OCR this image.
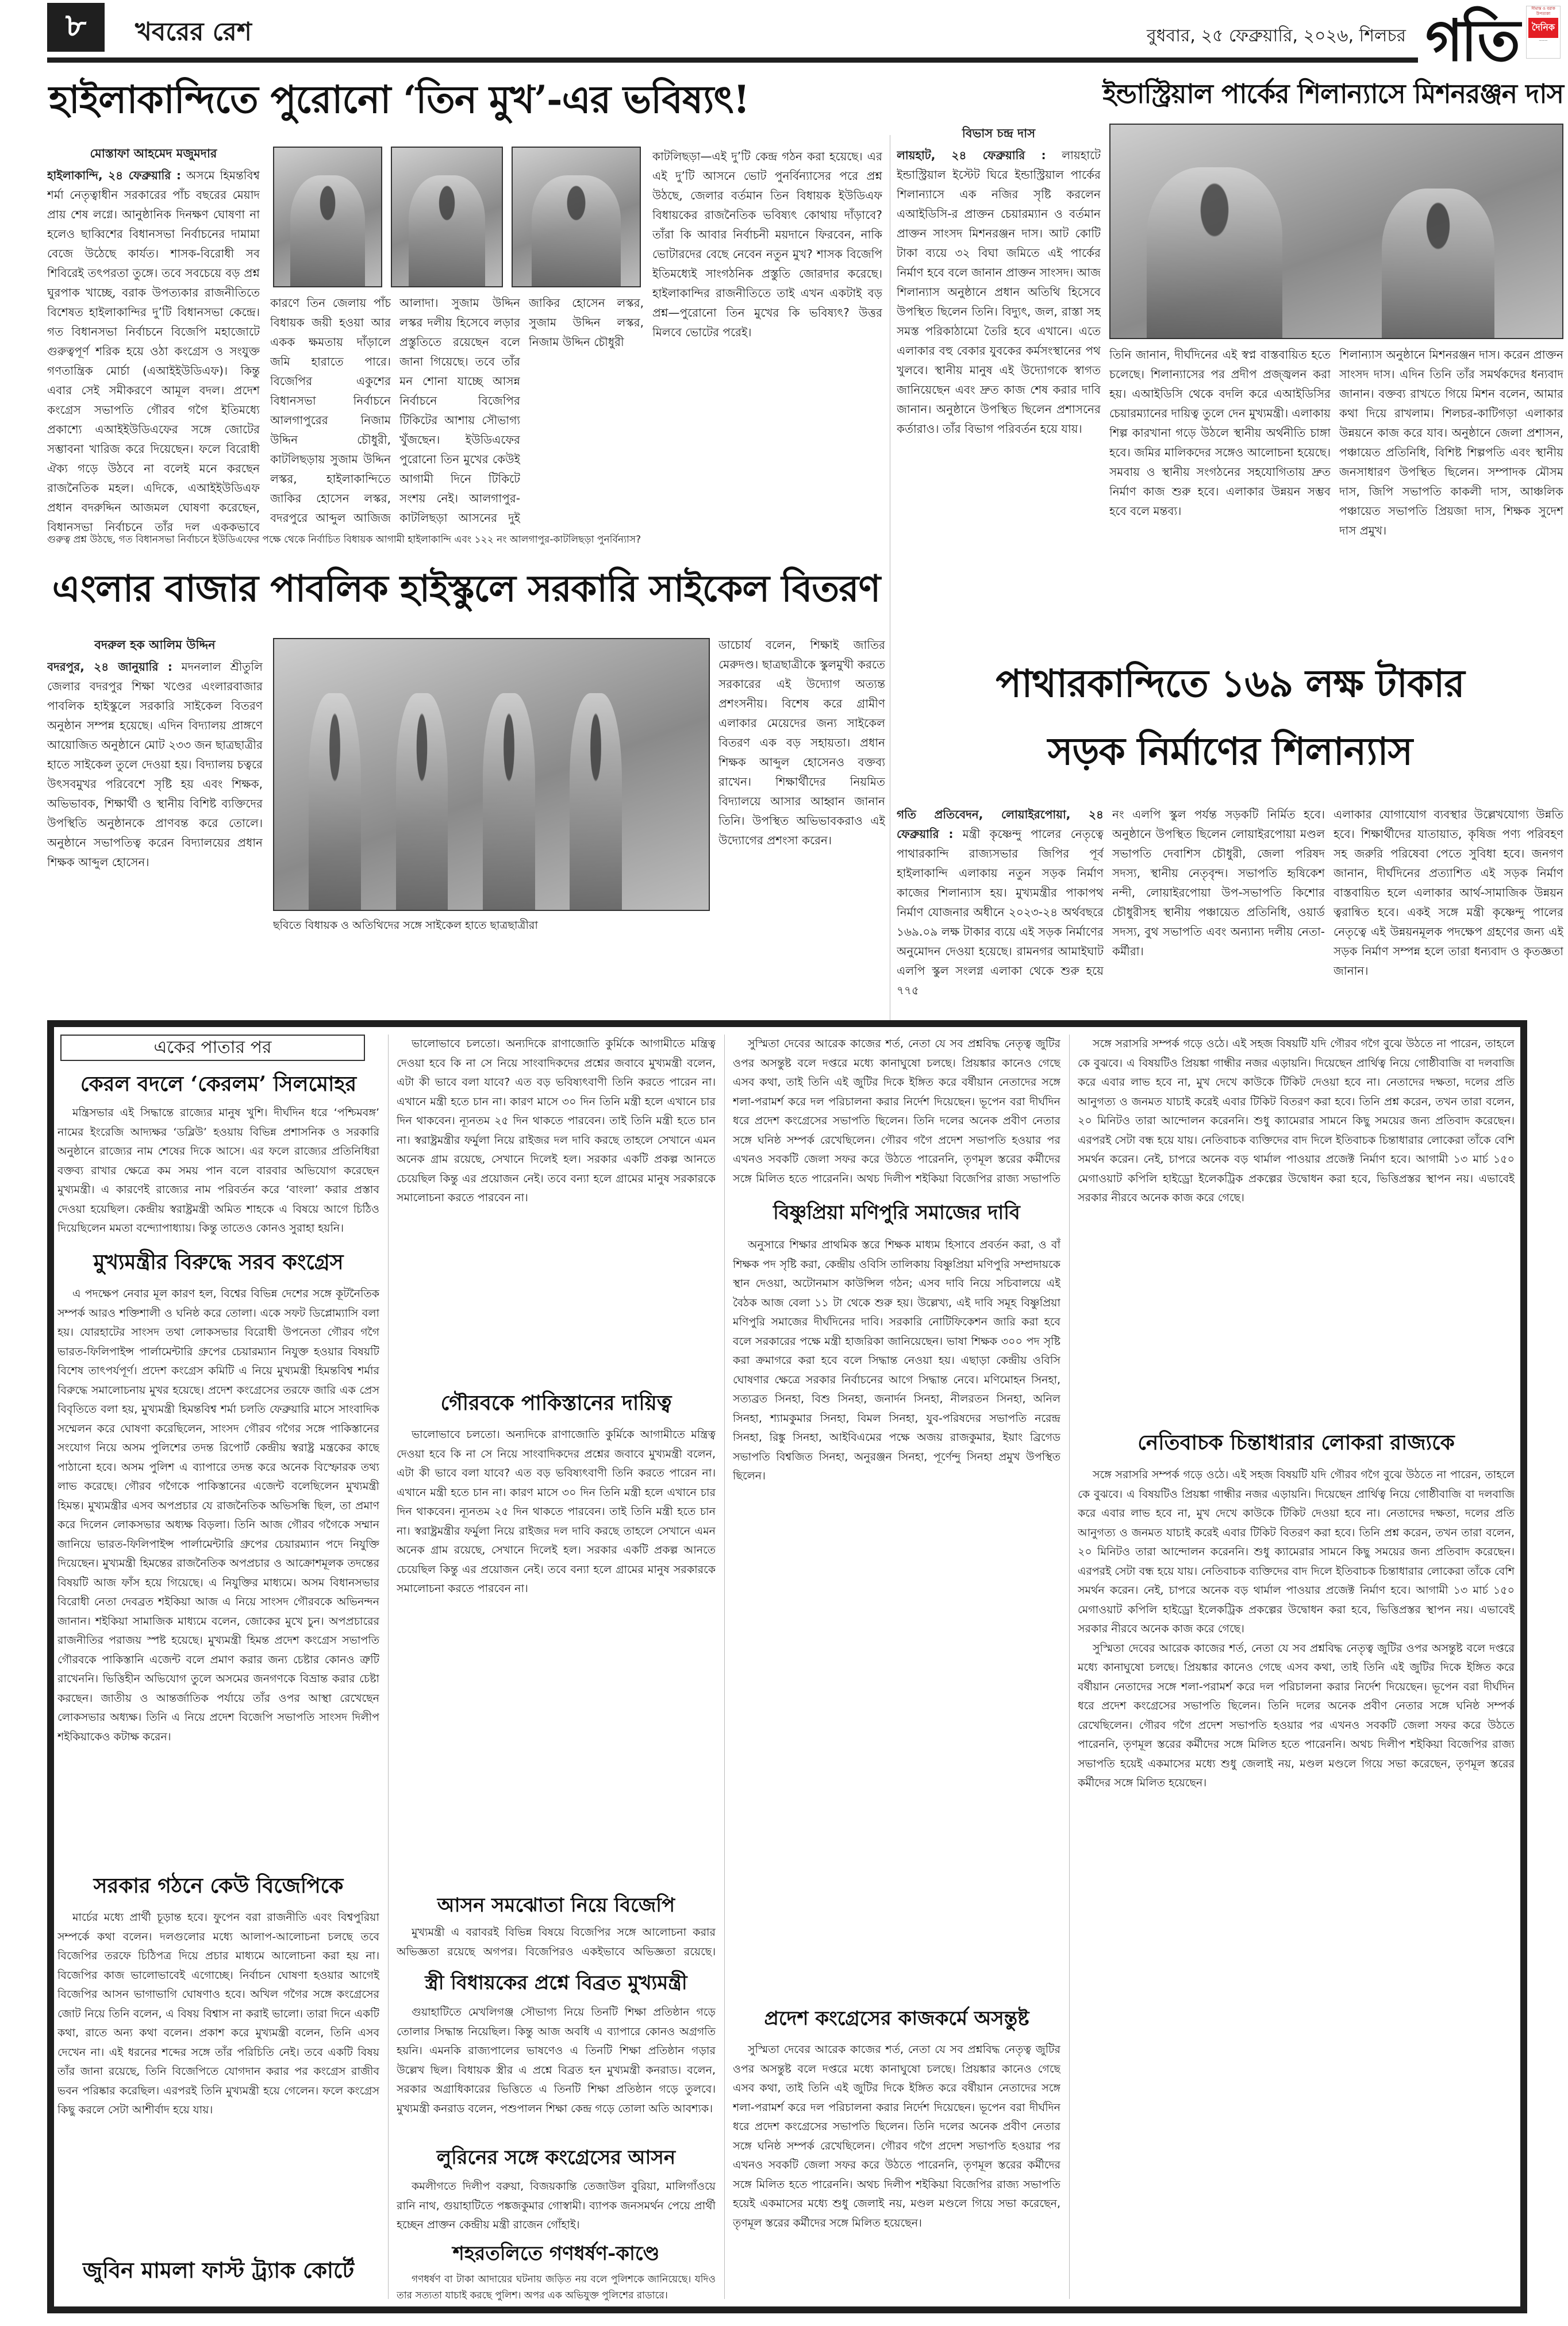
৮	খবরের রেশ	বুধবার, ২৫ ফেব্রুয়ারি, ২০২৬, শিলচর গতি	সীমান্ত ও বরাক উপত্যকা
দৈনিক
———
হাইলাকান্দিতে পুরোনো ‘তিন মুখ’-এর ভবিষ্যৎ!
মোস্তাফা আহমেদ মজুমদার
হাইলাকান্দি, ২৪ ফেব্রুয়ারি : অসমে হিমন্তবিশ্ব শর্মা নেতৃত্বাধীন সরকারের পাঁচ বছরের মেয়াদ প্রায় শেষ লগ্নে। আনুষ্ঠানিক দিনক্ষণ ঘোষণা না হলেও ছাব্বিশের বিধানসভা নির্বাচনের দামামা বেজে উঠেছে কার্যত। শাসক-বিরোধী সব শিবিরেই তৎপরতা তুঙ্গে। তবে সবচেয়ে বড় প্রশ্ন ঘুরপাক খাচ্ছে, বরাক উপত্যকার রাজনীতিতে বিশেষত হাইলাকান্দির দু’টি বিধানসভা কেন্দ্রে। গত বিধানসভা নির্বাচনে বিজেপি মহাজোটে গুরুত্বপূর্ণ শরিক হয়ে ওঠা কংগ্রেস ও সংযুক্ত গণতান্ত্রিক মোর্চা (এআইইউডিএফ)। কিন্তু এবার সেই সমীকরণে আমূল বদল। প্রদেশ কংগ্রেস সভাপতি গৌরব গগৈ ইতিমধ্যে প্রকাশ্যে এআইইউডিএফের সঙ্গে জোটের সম্ভাবনা খারিজ করে দিয়েছেন। ফলে বিরোধী ঐক্য গড়ে উঠবে না বলেই মনে করছেন রাজনৈতিক মহল। এদিকে, এআইইউডিএফ প্রধান বদরুদ্দিন আজমল ঘোষণা করেছেন, বিধানসভা নির্বাচনে তাঁর দল এককভাবে
কারণে তিন জেলায় পাঁচ বিধায়ক জয়ী হওয়া আর একক ক্ষমতায় দাঁড়ালে জমি হারাতে পারে। বিজেপির একুশের বিধানসভা নির্বাচনে আলগাপুরের নিজাম উদ্দিন চৌধুরী, কাটলিছড়ায় সুজাম উদ্দিন লস্কর, হাইলাকান্দিতে জাকির হোসেন লস্কর, বদরপুরে আব্দুল আজিজ
আলাদা। সুজাম উদ্দিন লস্কর দলীয় হিসেবে লড়ার প্রস্তুতিতে রয়েছেন বলে জানা গিয়েছে। তবে তাঁর মন শোনা যাচ্ছে আসন্ন নির্বাচনে বিজেপির টিকিটের আশায় সৌভাগ্য খুঁজছেন। ইউডিএফের পুরোনো তিন মুখের কেউই আগামী দিনে টিকিটে সংশয় নেই। আলগাপুর-কাটলিছড়া আসনের দুই
জাকির হোসেন লস্কর, সুজাম উদ্দিন লস্কর, নিজাম উদ্দিন চৌধুরী
কাটলিছড়া—এই দু’টি কেন্দ্র গঠন করা হয়েছে। এর এই দু’টি আসনে ভোট পুনর্বিন্যাসের পরে প্রশ্ন উঠছে, জেলার বর্তমান তিন বিধায়ক ইউডিএফ বিধায়কের রাজনৈতিক ভবিষ্যৎ কোথায় দাঁড়াবে? তাঁরা কি আবার নির্বাচনী ময়দানে ফিরবেন, নাকি ভোটারদের বেছে নেবেন নতুন মুখ? শাসক বিজেপি ইতিমধ্যেই সাংগঠনিক প্রস্তুতি জোরদার করেছে। হাইলাকান্দির রাজনীতিতে তাই এখন একটাই বড় প্রশ্ন—পুরোনো তিন মুখের কি ভবিষ্যৎ? উত্তর মিলবে ভোটের পরেই।
গুরুত্ব প্রশ্ন উঠছে, গত বিধানসভা নির্বাচনে ইউডিএফের পক্ষে থেকে নির্বাচিত বিধায়ক আগামী হাইলাকান্দি এবং ১২২ নং আলগাপুর-কাটলিছড়া পুনর্বিন্যাস?
ইন্ডাস্ট্রিয়াল পার্কের শিলান্যাসে মিশনরঞ্জন দাস
বিভাস চন্দ্র দাস
লায়হাট, ২৪ ফেব্রুয়ারি : লায়হাটে ইন্ডাস্ট্রিয়াল ইস্টেট ঘিরে ইন্ডাস্ট্রিয়াল পার্কের শিলান্যাসে এক নজির সৃষ্টি করলেন এআইডিসি-র প্রাক্তন চেয়ারম্যান ও বর্তমান প্রাক্তন সাংসদ মিশনরঞ্জন দাস। আট কোটি টাকা ব্যয়ে ৩২ বিঘা জমিতে এই পার্কের নির্মাণ হবে বলে জানান প্রাক্তন সাংসদ। আজ শিলান্যাস অনুষ্ঠানে প্রধান অতিথি হিসেবে উপস্থিত ছিলেন তিনি। বিদ্যুৎ, জল, রাস্তা সহ সমস্ত পরিকাঠামো তৈরি হবে এখানে। এতে এলাকার বহু বেকার যুবকের কর্মসংস্থানের পথ খুলবে। স্থানীয় মানুষ এই উদ্যোগকে স্বাগত জানিয়েছেন এবং দ্রুত কাজ শেষ করার দাবি জানান। অনুষ্ঠানে উপস্থিত ছিলেন প্রশাসনের কর্তারাও। তাঁর বিভাগ পরিবর্তন হয়ে যায়।
তিনি জানান, দীর্ঘদিনের এই স্বপ্ন বাস্তবায়িত হতে চলেছে। শিলান্যাসের পর প্রদীপ প্রজ্জ্বলন করা হয়। এআইডিসি থেকে বদলি করে এআইডিসির চেয়ারম্যানের দায়িত্ব তুলে দেন মুখ্যমন্ত্রী। এলাকায় শিল্প কারখানা গড়ে উঠলে স্থানীয় অর্থনীতি চাঙ্গা হবে। জমির মালিকদের সঙ্গেও আলোচনা হয়েছে। সমবায় ও স্থানীয় সংগঠনের সহযোগিতায় দ্রুত নির্মাণ কাজ শুরু হবে। এলাকার উন্নয়ন সম্ভব হবে বলে মন্তব্য।
শিলান্যাস অনুষ্ঠানে মিশনরঞ্জন দাস। করেন প্রাক্তন সাংসদ দাস। এদিন তিনি তাঁর সমর্থকদের ধন্যবাদ জানান। বক্তব্য রাখতে গিয়ে মিশন বলেন, আমার কথা দিয়ে রাখলাম। শিলচর-কাটিগড়া এলাকার উন্নয়নে কাজ করে যাব। অনুষ্ঠানে জেলা প্রশাসন, পঞ্চায়েত প্রতিনিধি, বিশিষ্ট শিল্পপতি এবং স্থানীয় জনসাধারণ উপস্থিত ছিলেন। সম্পাদক মৌসম দাস, জিপি সভাপতি কাকলী দাস, আঞ্চলিক পঞ্চায়েত সভাপতি প্রিয়জা দাস, শিক্ষক সুদেশ দাস প্রমুখ।
এংলার বাজার পাবলিক হাইস্কুলে সরকারি সাইকেল বিতরণ
বদরুল হক আলিম উদ্দিন
বদরপুর, ২৪ জানুয়ারি : মদনলাল শ্রীতুলি জেলার বদরপুর শিক্ষা খণ্ডের এংলারবাজার পাবলিক হাইস্কুলে সরকারি সাইকেল বিতরণ অনুষ্ঠান সম্পন্ন হয়েছে। এদিন বিদ্যালয় প্রাঙ্গণে আয়োজিত অনুষ্ঠানে মোট ২৩৩ জন ছাত্রছাত্রীর হাতে সাইকেল তুলে দেওয়া হয়। বিদ্যালয় চত্বরে উৎসবমুখর পরিবেশে সৃষ্টি হয় এবং শিক্ষক, অভিভাবক, শিক্ষার্থী ও স্থানীয় বিশিষ্ট ব্যক্তিদের উপস্থিতি অনুষ্ঠানকে প্রাণবন্ত করে তোলে। অনুষ্ঠানে সভাপতিত্ব করেন বিদ্যালয়ের প্রধান শিক্ষক আব্দুল হোসেন।
ছবিতে বিধায়ক ও অতিথিদের সঙ্গে সাইকেল হাতে ছাত্রছাত্রীরা
ডাচোর্য বলেন, শিক্ষাই জাতির মেরুদণ্ড। ছাত্রছাত্রীকে স্কুলমুখী করতে সরকারের এই উদ্যোগ অত্যন্ত প্রশংসনীয়। বিশেষ করে গ্রামীণ এলাকার মেয়েদের জন্য সাইকেল বিতরণ এক বড় সহায়তা। প্রধান শিক্ষক আব্দুল হোসেনও বক্তব্য রাখেন। শিক্ষার্থীদের নিয়মিত বিদ্যালয়ে আসার আহ্বান জানান তিনি। উপস্থিত অভিভাবকরাও এই উদ্যোগের প্রশংসা করেন।
পাথারকান্দিতে ১৬৯ লক্ষ টাকার
সড়ক নির্মাণের শিলান্যাস
গতি প্রতিবেদন, লোয়াইরপোয়া, ২৪ ফেব্রুয়ারি : মন্ত্রী কৃষ্ণেন্দু পালের নেতৃত্বে পাথারকান্দি রাজ্যসভার জিপির পূর্ব হাইলাকান্দি এলাকায় নতুন সড়ক নির্মাণ কাজের শিলান্যাস হয়। মুখ্যমন্ত্রীর পাকাপথ নির্মাণ যোজনার অধীনে ২০২৩-২৪ অর্থবছরে ১৬৯.০৯ লক্ষ টাকার ব্যয়ে এই সড়ক নির্মাণের অনুমোদন দেওয়া হয়েছে। রামনগর আমাইঘাট এলপি স্কুল সংলগ্ন এলাকা থেকে শুরু হয়ে ৭৭৫
নং এলপি স্কুল পর্যন্ত সড়কটি নির্মিত হবে। অনুষ্ঠানে উপস্থিত ছিলেন লোয়াইরপোয়া মণ্ডল সভাপতি দেবাশিস চৌধুরী, জেলা পরিষদ সদস্য, স্থানীয় নেতৃবৃন্দ। সভাপতি হৃষিকেশ নন্দী, লোয়াইরপোয়া উপ-সভাপতি কিশোর চৌধুরীসহ স্থানীয় পঞ্চায়েত প্রতিনিধি, ওয়ার্ড সদস্য, বুথ সভাপতি এবং অন্যান্য দলীয় নেতা-কর্মীরা।
এলাকার যোগাযোগ ব্যবস্থার উল্লেখযোগ্য উন্নতি হবে। শিক্ষার্থীদের যাতায়াত, কৃষিজ পণ্য পরিবহণ সহ জরুরি পরিষেবা পেতে সুবিধা হবে। জনগণ জানান, দীর্ঘদিনের প্রত্যাশিত এই সড়ক নির্মাণ বাস্তবায়িত হলে এলাকার আর্থ-সামাজিক উন্নয়ন ত্বরান্বিত হবে। একই সঙ্গে মন্ত্রী কৃষ্ণেন্দু পালের নেতৃত্বে এই উন্নয়নমূলক পদক্ষেপ গ্রহণের জন্য এই সড়ক নির্মাণ সম্পন্ন হলে তারা ধন্যবাদ ও কৃতজ্ঞতা জানান।
একের পাতার পর
কেরল বদলে ‘কেরলম’ সিলমোহর

মন্ত্রিসভার এই সিদ্ধান্তে রাজ্যের মানুষ খুশি। দীর্ঘদিন ধরে ‘পশ্চিমবঙ্গ’ নামের ইংরেজি আদ্যক্ষর ‘ডব্লিউ’ হওয়ায় বিভিন্ন প্রশাসনিক ও সরকারি অনুষ্ঠানে রাজ্যের নাম শেষের দিকে আসে। এর ফলে রাজ্যের প্রতিনিধিরা বক্তব্য রাখার ক্ষেত্রে কম সময় পান বলে বারবার অভিযোগ করেছেন মুখ্যমন্ত্রী। এ কারণেই রাজ্যের নাম পরিবর্তন করে ‘বাংলা’ করার প্রস্তাব দেওয়া হয়েছিল। কেন্দ্রীয় স্বরাষ্ট্রমন্ত্রী অমিত শাহকে এ বিষয়ে আগে চিঠিও দিয়েছিলেন মমতা বন্দ্যোপাধ্যায়। কিন্তু তাতেও কোনও সুরাহা হয়নি।

মুখ্যমন্ত্রীর বিরুদ্ধে সরব কংগ্রেস

এ পদক্ষেপ নেবার মূল কারণ হল, বিশ্বের বিভিন্ন দেশের সঙ্গে কূটনৈতিক সম্পর্ক আরও শক্তিশালী ও ঘনিষ্ঠ করে তোলা। একে সফট ডিপ্লোম্যাসি বলা হয়। যোরহাটের সাংসদ তথা লোকসভার বিরোধী উপনেতা গৌরব গগৈ ভারত-ফিলিপাইন্স পার্লামেন্টারি গ্রুপের চেয়ারম্যান নিযুক্ত হওয়ার বিষয়টি বিশেষ তাৎপর্যপূর্ণ। প্রদেশ কংগ্রেস কমিটি এ নিয়ে মুখ্যমন্ত্রী হিমন্তবিশ্ব শর্মার বিরুদ্ধে সমালোচনায় মুখর হয়েছে। প্রদেশ কংগ্রেসের তরফে জারি এক প্রেস বিবৃতিতে বলা হয়, মুখ্যমন্ত্রী হিমন্তবিশ্ব শর্মা চলতি ফেব্রুয়ারি মাসে সাংবাদিক সম্মেলন করে ঘোষণা করেছিলেন, সাংসদ গৌরব গগৈর সঙ্গে পাকিস্তানের সংযোগ নিয়ে অসম পুলিশের তদন্ত রিপোর্ট কেন্দ্রীয় স্বরাষ্ট্র মন্ত্রকের কাছে পাঠানো হবে। অসম পুলিশ এ ব্যাপারে তদন্ত করে অনেক বিস্ফোরক তথ্য লাভ করেছে। গৌরব গগৈকে পাকিস্তানের এজেন্ট বলেছিলেন মুখ্যমন্ত্রী হিমন্ত। মুখ্যমন্ত্রীর এসব অপপ্রচার যে রাজনৈতিক অভিসন্ধি ছিল, তা প্রমাণ করে দিলেন লোকসভার অধ্যক্ষ বিড়লা। তিনি আজ গৌরব গগৈকে সম্মান জানিয়ে ভারত-ফিলিপাইন্স পার্লামেন্টারি গ্রুপের চেয়ারম্যান পদে নিযুক্তি দিয়েছেন। মুখ্যমন্ত্রী হিমন্তের রাজনৈতিক অপপ্রচার ও আক্রোশমূলক তদন্তের বিষয়টি আজ ফাঁস হয়ে গিয়েছে। এ নিযুক্তির মাধ্যমে। অসম বিধানসভার বিরোধী নেতা দেবব্রত শইকিয়া আজ এ নিয়ে সাংসদ গৌরবকে অভিনন্দন জানান। শইকিয়া সামাজিক মাধ্যমে বলেন, জোকের মুখে চুন। অপপ্রচারের রাজনীতির পরাজয় স্পষ্ট হয়েছে। মুখ্যমন্ত্রী হিমন্ত প্রদেশ কংগ্রেস সভাপতি গৌরবকে পাকিস্তানি এজেন্ট বলে প্রমাণ করার জন্য চেষ্টার কোনও ত্রুটি রাখেননি। ভিত্তিহীন অভিযোগ তুলে অসমের জনগণকে বিভ্রান্ত করার চেষ্টা করছেন। জাতীয় ও আন্তর্জাতিক পর্যায়ে তাঁর ওপর আস্থা রেখেছেন লোকসভার অধ্যক্ষ। তিনি এ নিয়ে প্রদেশ বিজেপি সভাপতি সাংসদ দিলীপ শইকিয়াকেও কটাক্ষ করেন।

সরকার গঠনে কেউ বিজেপিকে

মার্চের মধ্যে প্রার্থী চূড়ান্ত হবে। ফুপেন বরা রাজনীতি এবং বিশ্বপুরিয়া সম্পর্কে কথা বলেন। দলগুলোর মধ্যে আলাপ-আলোচনা চলছে তবে বিজেপির তরফে চিঠিপত্র দিয়ে প্রচার মাধ্যমে আলোচনা করা হয় না। বিজেপির কাজ ভালোভাবেই এগোচ্ছে। নির্বাচন ঘোষণা হওয়ার আগেই বিজেপির আসন ভাগাভাগি ঘোষণাও হবে। অখিল গগৈর সঙ্গে কংগ্রেসের জোট নিয়ে তিনি বলেন, এ বিষয় বিশ্বাস না করাই ভালো। তারা দিনে একটি কথা, রাতে অন্য কথা বলেন। প্রকাশ করে মুখ্যমন্ত্রী বলেন, তিনি এসব দেখেন না। এই ধরনের শব্দের সঙ্গে তাঁর পরিচিতি নেই। তবে একটি বিষয় তাঁর জানা রয়েছে, তিনি বিজেপিতে যোগদান করার পর কংগ্রেস রাজীব ভবন পরিষ্কার করেছিল। এরপরই তিনি মুখ্যমন্ত্রী হয়ে গেলেন। ফলে কংগ্রেস কিছু করলে সেটা আশীর্বাদ হয়ে যায়।

জুবিন মামলা ফাস্ট ট্র্যাক কোর্টে

ভালোভাবে চলতো। অন্যদিকে রাণাজোতি কুর্মিকে আগামীতে মন্ত্রিত্ব দেওয়া হবে কি না সে নিয়ে সাংবাদিকদের প্রশ্নের জবাবে মুখ্যমন্ত্রী বলেন, এটা কী ভাবে বলা যাবে? এত বড় ভবিষ্যৎবাণী তিনি করতে পারেন না। এখানে মন্ত্রী হতে চান না। কারণ মাসে ৩০ দিন তিনি মন্ত্রী হলে এখানে চার দিন থাকবেন। ন্যূনতম ২৫ দিন থাকতে পারবেন। তাই তিনি মন্ত্রী হতে চান না। স্বরাষ্ট্রমন্ত্রীর ফর্মুলা নিয়ে রাইজর দল দাবি করছে তাহলে সেখানে এমন অনেক গ্রাম রয়েছে, সেখানে দিলেই হল। সরকার একটি প্রকল্প আনতে চেয়েছিল কিন্তু এর প্রয়োজন নেই। তবে বন্যা হলে গ্রামের মানুষ সরকারকে সমালোচনা করতে পারবেন না।

গৌরবকে পাকিস্তানের দায়িত্ব

ভালোভাবে চলতো। অন্যদিকে রাণাজোতি কুর্মিকে আগামীতে মন্ত্রিত্ব দেওয়া হবে কি না সে নিয়ে সাংবাদিকদের প্রশ্নের জবাবে মুখ্যমন্ত্রী বলেন, এটা কী ভাবে বলা যাবে? এত বড় ভবিষ্যৎবাণী তিনি করতে পারেন না। এখানে মন্ত্রী হতে চান না। কারণ মাসে ৩০ দিন তিনি মন্ত্রী হলে এখানে চার দিন থাকবেন। ন্যূনতম ২৫ দিন থাকতে পারবেন। তাই তিনি মন্ত্রী হতে চান না। স্বরাষ্ট্রমন্ত্রীর ফর্মুলা নিয়ে রাইজর দল দাবি করছে তাহলে সেখানে এমন অনেক গ্রাম রয়েছে, সেখানে দিলেই হল। সরকার একটি প্রকল্প আনতে চেয়েছিল কিন্তু এর প্রয়োজন নেই। তবে বন্যা হলে গ্রামের মানুষ সরকারকে সমালোচনা করতে পারবেন না।

আসন সমঝোতা নিয়ে বিজেপি

মুখ্যমন্ত্রী এ বরাবরই বিভিন্ন বিষয়ে বিজেপির সঙ্গে আলোচনা করার অভিজ্ঞতা রয়েছে অগপর। বিজেপিরও একইভাবে অভিজ্ঞতা রয়েছে।

স্ত্রী বিধায়কের প্রশ্নে বিব্রত মুখ্যমন্ত্রী

গুয়াহাটিতে মেখলিগঞ্জ সৌভাগ্য নিয়ে তিনটি শিক্ষা প্রতিষ্ঠান গড়ে তোলার সিদ্ধান্ত নিয়েছিল। কিন্তু আজ অবধি এ ব্যাপারে কোনও অগ্রগতি হয়নি। এমনকি রাজ্যপালের ভাষণেও এ তিনটি শিক্ষা প্রতিষ্ঠান গড়ার উল্লেখ ছিল। বিধায়ক স্ত্রীর এ প্রশ্নে বিব্রত হন মুখ্যমন্ত্রী কনরাড। বলেন, সরকার অগ্রাধিকারের ভিত্তিতে এ তিনটি শিক্ষা প্রতিষ্ঠান গড়ে তুলবে। মুখ্যমন্ত্রী কনরাড বলেন, পশুপালন শিক্ষা কেন্দ্র গড়ে তোলা অতি আবশ্যক।

লুরিনের সঙ্গে কংগ্রেসের আসন

কমলীগতে দিলীপ বরুয়া, বিজয়কান্তি তেজাউল বুরিয়া, মালিগাঁওয়ে রানি নাথ, গুয়াহাটিতে পঙ্কজকুমার গোস্বামী। ব্যাপক জনসমর্থন পেয়ে প্রার্থী হচ্ছেন প্রাক্তন কেন্দ্রীয় মন্ত্রী রাজেন গোঁহাই।

শহরতলিতে গণধর্ষণ-কাণ্ডে

গণধর্ষণ বা টাকা আদায়ের ঘটনায় জড়িত নয় বলে পুলিশকে জানিয়েছে। যদিও তার সত্যতা যাচাই করছে পুলিশ। অপর এক অভিযুক্ত পুলিশের রাডারে।

সুস্মিতা দেবের আরেক কাজের শর্ত, নেতা যে সব প্রশ্নবিদ্ধ নেতৃত্ব জুটির ওপর অসন্তুষ্ট বলে দপ্তরে মধ্যে কানাঘুষো চলছে। প্রিয়ঙ্কার কানেও গেছে এসব কথা, তাই তিনি এই জুটির দিকে ইঙ্গিত করে বর্ষীয়ান নেতাদের সঙ্গে শলা-পরামর্শ করে দল পরিচালনা করার নির্দেশ দিয়েছেন। ভূপেন বরা দীর্ঘদিন ধরে প্রদেশ কংগ্রেসের সভাপতি ছিলেন। তিনি দলের অনেক প্রবীণ নেতার সঙ্গে ঘনিষ্ঠ সম্পর্ক রেখেছিলেন। গৌরব গগৈ প্রদেশ সভাপতি হওয়ার পর এখনও সবকটি জেলা সফর করে উঠতে পারেননি, তৃণমূল স্তরের কর্মীদের সঙ্গে মিলিত হতে পারেননি। অথচ দিলীপ শইকিয়া বিজেপির রাজ্য সভাপতি

বিষ্ণুপ্রিয়া মণিপুরি সমাজের দাবি

অনুসারে শিক্ষার প্রাথমিক স্তরে শিক্ষক মাধ্যম হিসাবে প্রবর্তন করা, ও বাঁ শিক্ষক পদ সৃষ্টি করা, কেন্দ্রীয় ওবিসি তালিকায় বিষ্ণুপ্রিয়া মণিপুরি সম্প্রদায়কে স্থান দেওয়া, অটোনমাস কাউন্সিল গঠন; এসব দাবি নিয়ে সচিবালয়ে এই বৈঠক আজ বেলা ১১ টা থেকে শুরু হয়। উল্লেখ্য, এই দাবি সমূহ বিষ্ণুপ্রিয়া মণিপুরি সমাজের দীর্ঘদিনের দাবি। সরকারি নোটিফিকেশন জারি করা হবে বলে সরকারের পক্ষে মন্ত্রী হাজরিকা জানিয়েছেন। ভাষা শিক্ষক ৩০০ পদ সৃষ্টি করা ক্রমাগরে করা হবে বলে সিদ্ধান্ত নেওয়া হয়। এছাড়া কেন্দ্রীয় ওবিসি ঘোষণার ক্ষেত্রে সরকার নির্বাচনের আগে সিদ্ধান্ত নেবে। মণিমোহন সিনহা, সত্যব্রত সিনহা, বিশু সিনহা, জনার্দন সিনহা, নীলরতন সিনহা, অনিল সিনহা, শ্যামকুমার সিনহা, বিমল সিনহা, যুব-পরিষদের সভাপতি নরেন্দ্র সিনহা, রিঙ্কু সিনহা, আইবিএমের পক্ষে অজয় রাজকুমার, ইয়াং ব্রিগেড সভাপতি বিশ্বজিত সিনহা, অনুরঞ্জন সিনহা, পূর্ণেন্দু সিনহা প্রমুখ উপস্থিত ছিলেন।

প্রদেশ কংগ্রেসের কাজকর্মে অসন্তুষ্ট

সুস্মিতা দেবের আরেক কাজের শর্ত, নেতা যে সব প্রশ্নবিদ্ধ নেতৃত্ব জুটির ওপর অসন্তুষ্ট বলে দপ্তরে মধ্যে কানাঘুষো চলছে। প্রিয়ঙ্কার কানেও গেছে এসব কথা, তাই তিনি এই জুটির দিকে ইঙ্গিত করে বর্ষীয়ান নেতাদের সঙ্গে শলা-পরামর্শ করে দল পরিচালনা করার নির্দেশ দিয়েছেন। ভূপেন বরা দীর্ঘদিন ধরে প্রদেশ কংগ্রেসের সভাপতি ছিলেন। তিনি দলের অনেক প্রবীণ নেতার সঙ্গে ঘনিষ্ঠ সম্পর্ক রেখেছিলেন। গৌরব গগৈ প্রদেশ সভাপতি হওয়ার পর এখনও সবকটি জেলা সফর করে উঠতে পারেননি, তৃণমূল স্তরের কর্মীদের সঙ্গে মিলিত হতে পারেননি। অথচ দিলীপ শইকিয়া বিজেপির রাজ্য সভাপতি হয়েই একমাসের মধ্যে শুধু জেলাই নয়, মণ্ডল মণ্ডলে গিয়ে সভা করেছেন, তৃণমূল স্তরের কর্মীদের সঙ্গে মিলিত হয়েছেন।

সঙ্গে সরাসরি সম্পর্ক গড়ে ওঠে। এই সহজ বিষয়টি যদি গৌরব গগৈ বুঝে উঠতে না পারেন, তাহলে কে বুঝবে। এ বিষয়টিও প্রিয়ঙ্কা গান্ধীর নজর এড়ায়নি। দিয়েছেন প্রার্থিত্ব নিয়ে গোষ্ঠীবাজি বা দলবাজি করে এবার লাভ হবে না, মুখ দেখে কাউকে টিকিট দেওয়া হবে না। নেতাদের দক্ষতা, দলের প্রতি আনুগত্য ও জনমত যাচাই করেই এবার টিকিট বিতরণ করা হবে। তিনি প্রশ্ন করেন, তখন তারা বলেন, ২০ মিনিটও তারা আন্দোলন করেননি। শুধু ক্যামেরার সামনে কিছু সময়ের জন্য প্রতিবাদ করেছেন। এরপরই সেটা বন্ধ হয়ে যায়। নেতিবাচক ব্যক্তিদের বাদ দিলে ইতিবাচক চিন্তাধারার লোকেরা তাঁকে বেশি সমর্থন করেন। নেই, চাপরে অনেক বড় থার্মাল পাওয়ার প্রজেক্ট নির্মাণ হবে। আগামী ১৩ মার্চ ১৫০ মেগাওয়াট কপিলি হাইড্রো ইলেকট্রিক প্রকল্পের উদ্বোধন করা হবে, ভিত্তিপ্রস্তর স্থাপন নয়। এভাবেই সরকার নীরবে অনেক কাজ করে গেছে।

নেতিবাচক চিন্তাধারার লোকরা রাজ্যকে

সঙ্গে সরাসরি সম্পর্ক গড়ে ওঠে। এই সহজ বিষয়টি যদি গৌরব গগৈ বুঝে উঠতে না পারেন, তাহলে কে বুঝবে। এ বিষয়টিও প্রিয়ঙ্কা গান্ধীর নজর এড়ায়নি। দিয়েছেন প্রার্থিত্ব নিয়ে গোষ্ঠীবাজি বা দলবাজি করে এবার লাভ হবে না, মুখ দেখে কাউকে টিকিট দেওয়া হবে না। নেতাদের দক্ষতা, দলের প্রতি আনুগত্য ও জনমত যাচাই করেই এবার টিকিট বিতরণ করা হবে। তিনি প্রশ্ন করেন, তখন তারা বলেন, ২০ মিনিটও তারা আন্দোলন করেননি। শুধু ক্যামেরার সামনে কিছু সময়ের জন্য প্রতিবাদ করেছেন। এরপরই সেটা বন্ধ হয়ে যায়। নেতিবাচক ব্যক্তিদের বাদ দিলে ইতিবাচক চিন্তাধারার লোকেরা তাঁকে বেশি সমর্থন করেন। নেই, চাপরে অনেক বড় থার্মাল পাওয়ার প্রজেক্ট নির্মাণ হবে। আগামী ১৩ মার্চ ১৫০ মেগাওয়াট কপিলি হাইড্রো ইলেকট্রিক প্রকল্পের উদ্বোধন করা হবে, ভিত্তিপ্রস্তর স্থাপন নয়। এভাবেই সরকার নীরবে অনেক কাজ করে গেছে।

সুস্মিতা দেবের আরেক কাজের শর্ত, নেতা যে সব প্রশ্নবিদ্ধ নেতৃত্ব জুটির ওপর অসন্তুষ্ট বলে দপ্তরে মধ্যে কানাঘুষো চলছে। প্রিয়ঙ্কার কানেও গেছে এসব কথা, তাই তিনি এই জুটির দিকে ইঙ্গিত করে বর্ষীয়ান নেতাদের সঙ্গে শলা-পরামর্শ করে দল পরিচালনা করার নির্দেশ দিয়েছেন। ভূপেন বরা দীর্ঘদিন ধরে প্রদেশ কংগ্রেসের সভাপতি ছিলেন। তিনি দলের অনেক প্রবীণ নেতার সঙ্গে ঘনিষ্ঠ সম্পর্ক রেখেছিলেন। গৌরব গগৈ প্রদেশ সভাপতি হওয়ার পর এখনও সবকটি জেলা সফর করে উঠতে পারেননি, তৃণমূল স্তরের কর্মীদের সঙ্গে মিলিত হতে পারেননি। অথচ দিলীপ শইকিয়া বিজেপির রাজ্য সভাপতি হয়েই একমাসের মধ্যে শুধু জেলাই নয়, মণ্ডল মণ্ডলে গিয়ে সভা করেছেন, তৃণমূল স্তরের কর্মীদের সঙ্গে মিলিত হয়েছেন।
